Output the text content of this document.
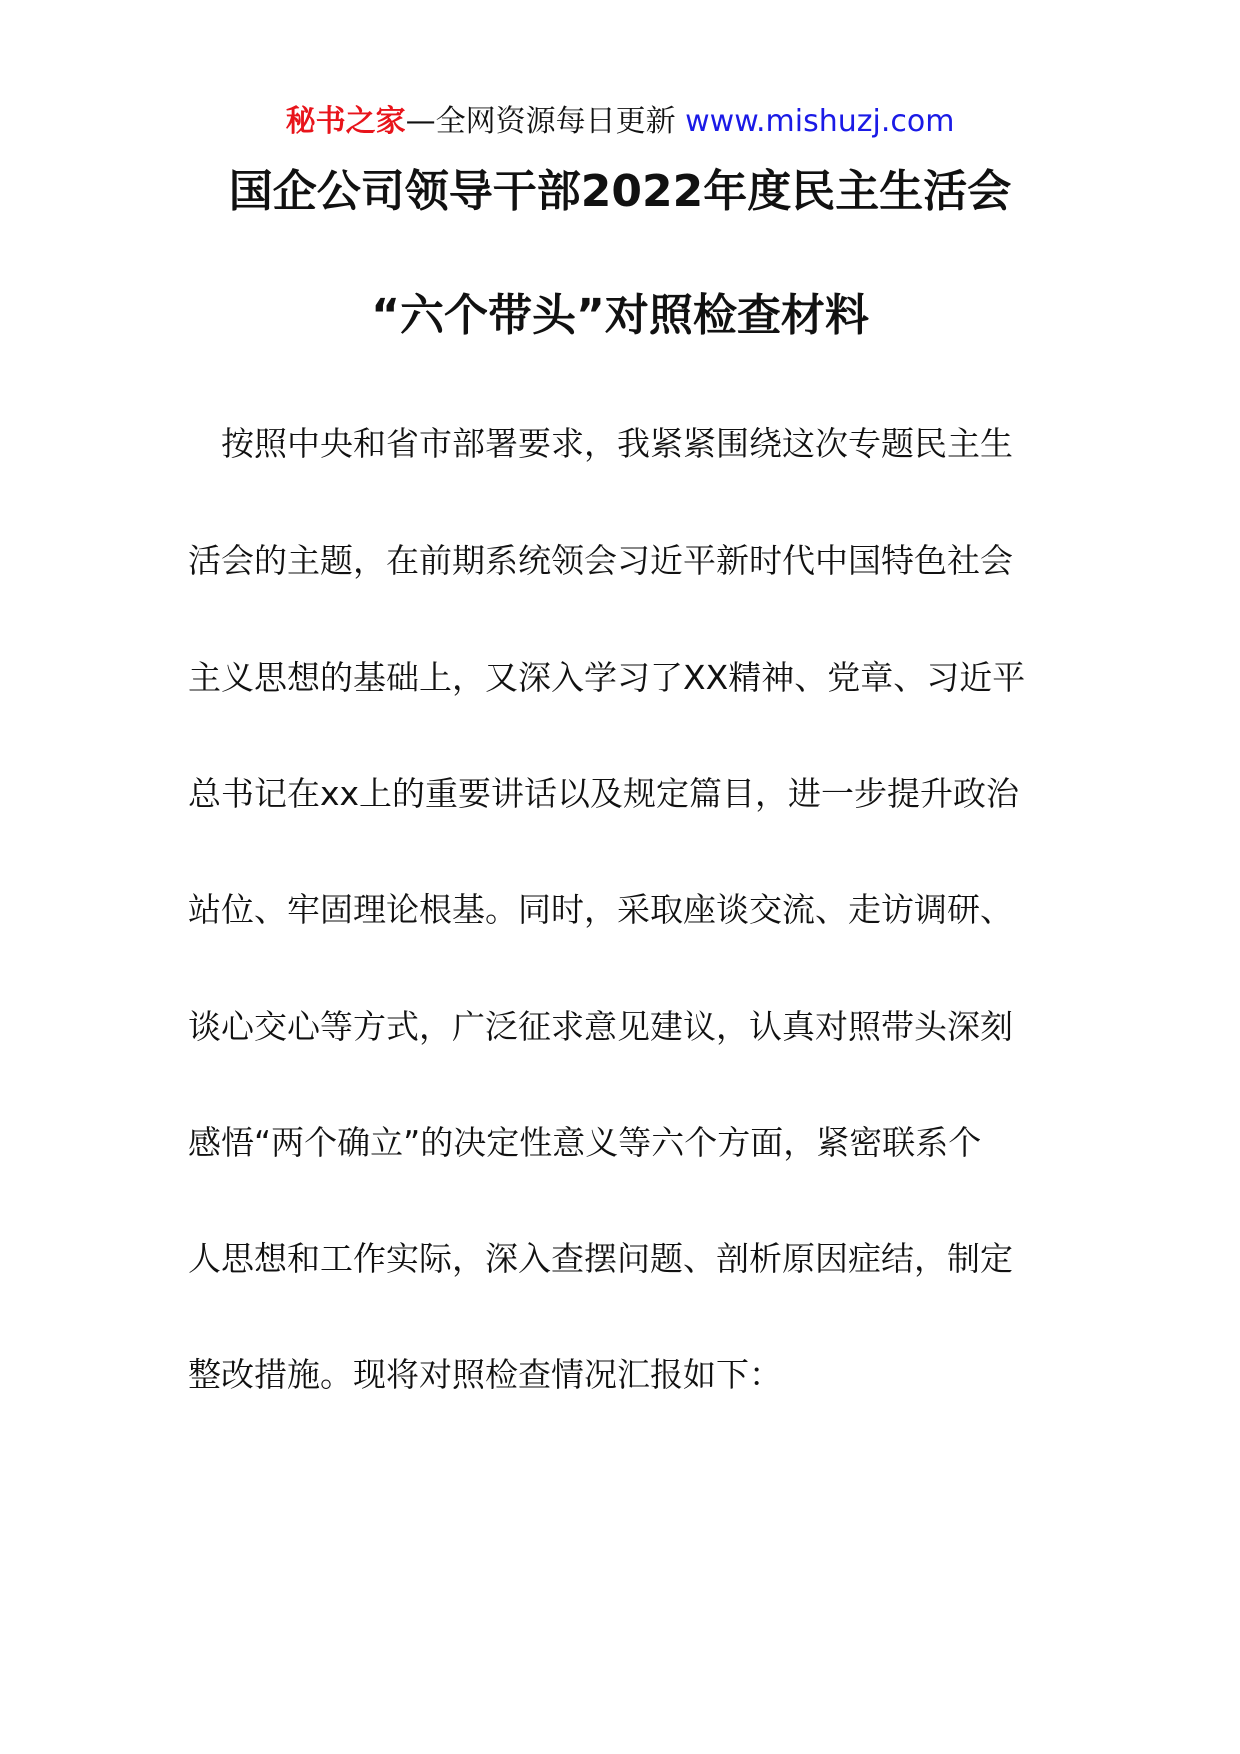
秘书之家—全网资源每日更新 www.mishuzj.com
国企公司领导干部2022年度民主生活会
“六个带头”对照检查材料
　按照中央和省市部署要求，我紧紧围绕这次专题民主生
活会的主题，在前期系统领会习近平新时代中国特色社会
主义思想的基础上，又深入学习了XX精神、党章、习近平
总书记在xx上的重要讲话以及规定篇目，进一步提升政治
站位、牢固理论根基。同时，采取座谈交流、走访调研、
谈心交心等方式，广泛征求意见建议，认真对照带头深刻
感悟“两个确立”的决定性意义等六个方面，紧密联系个
人思想和工作实际，深入查摆问题、剖析原因症结，制定
整改措施。现将对照检查情况汇报如下：
